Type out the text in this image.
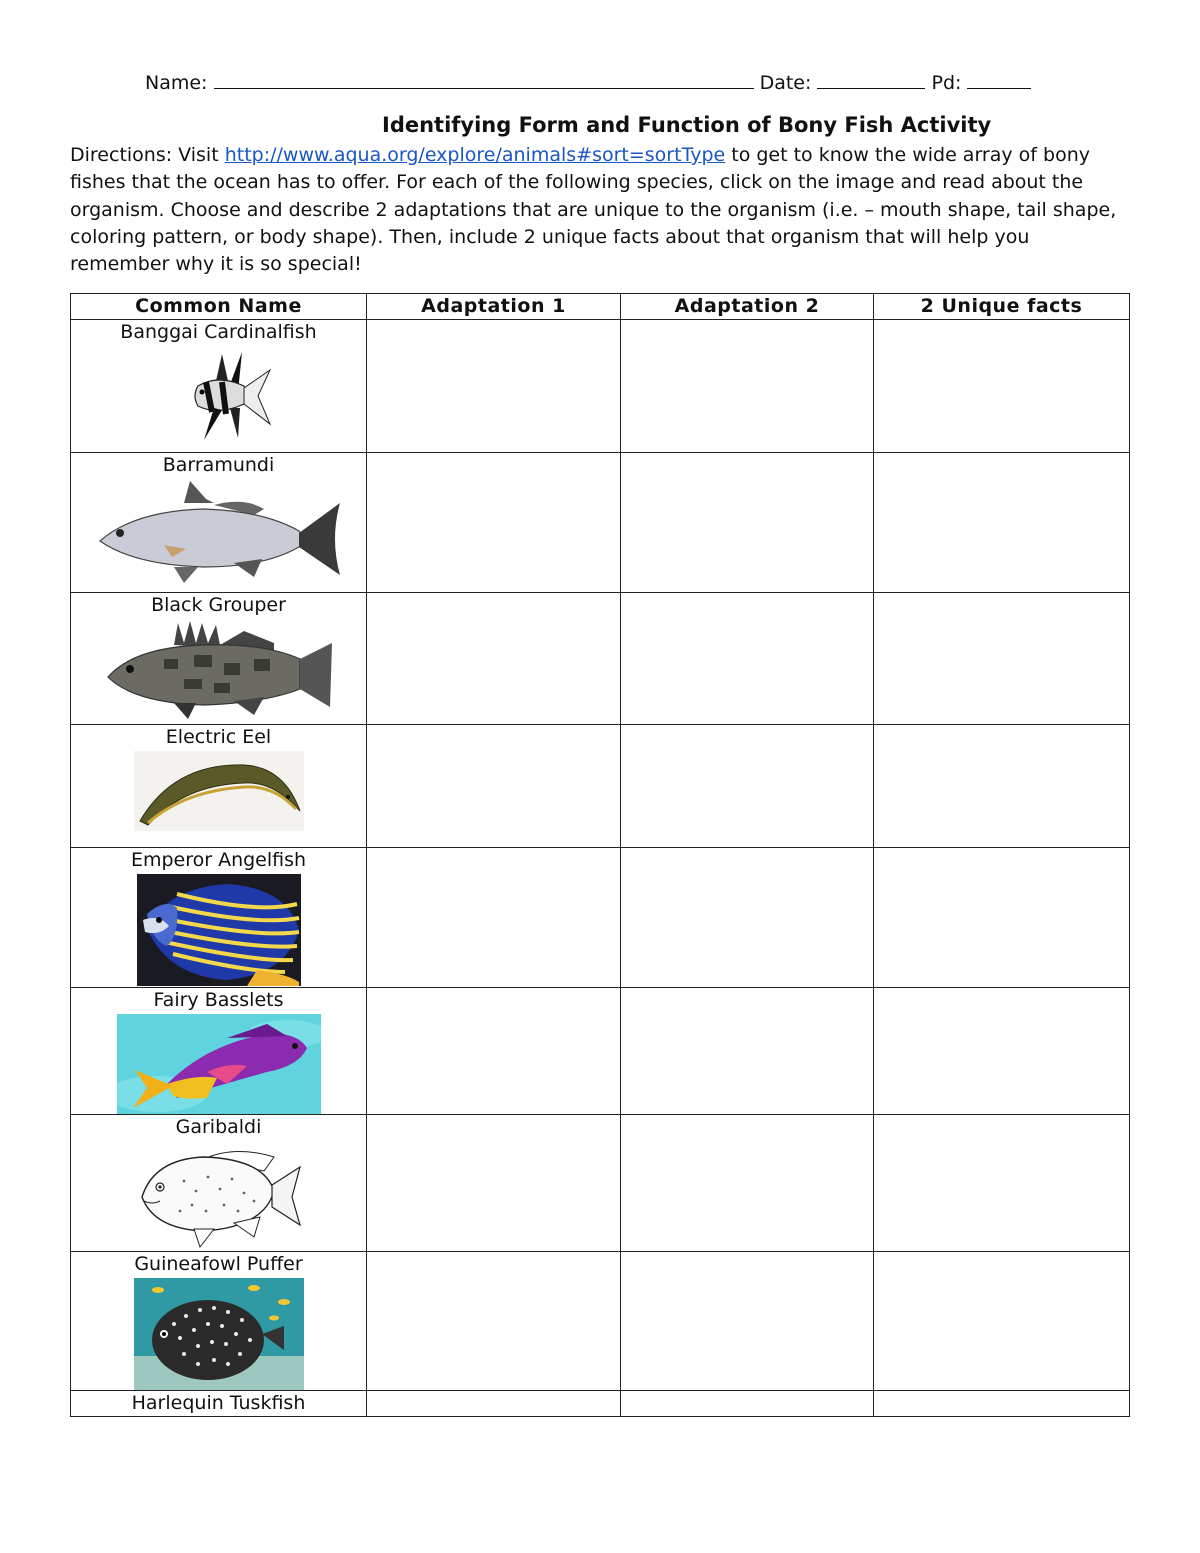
Name:	Date:	Pd:
Identifying Form and Function of Bony Fish Activity
Directions: Visit http://www.aqua.org/explore/animals#sort=sortType to get to know the wide array of bony fishes that the ocean has to offer. For each of the following species, click on the image and read about the organism. Choose and describe 2 adaptations that are unique to the organism (i.e. – mouth shape, tail shape, coloring pattern, or body shape). Then, include 2 unique facts about that organism that will help you remember why it is so special!
Common Name	Adaptation 1	Adaptation 2	2 Unique facts

Banggai Cardinalfish			

Barramundi			

Black Grouper			

Electric Eel			

Emperor Angelfish			

Fairy Basslets			

Garibaldi			

Guineafowl Puffer			

Harlequin Tuskfish			
